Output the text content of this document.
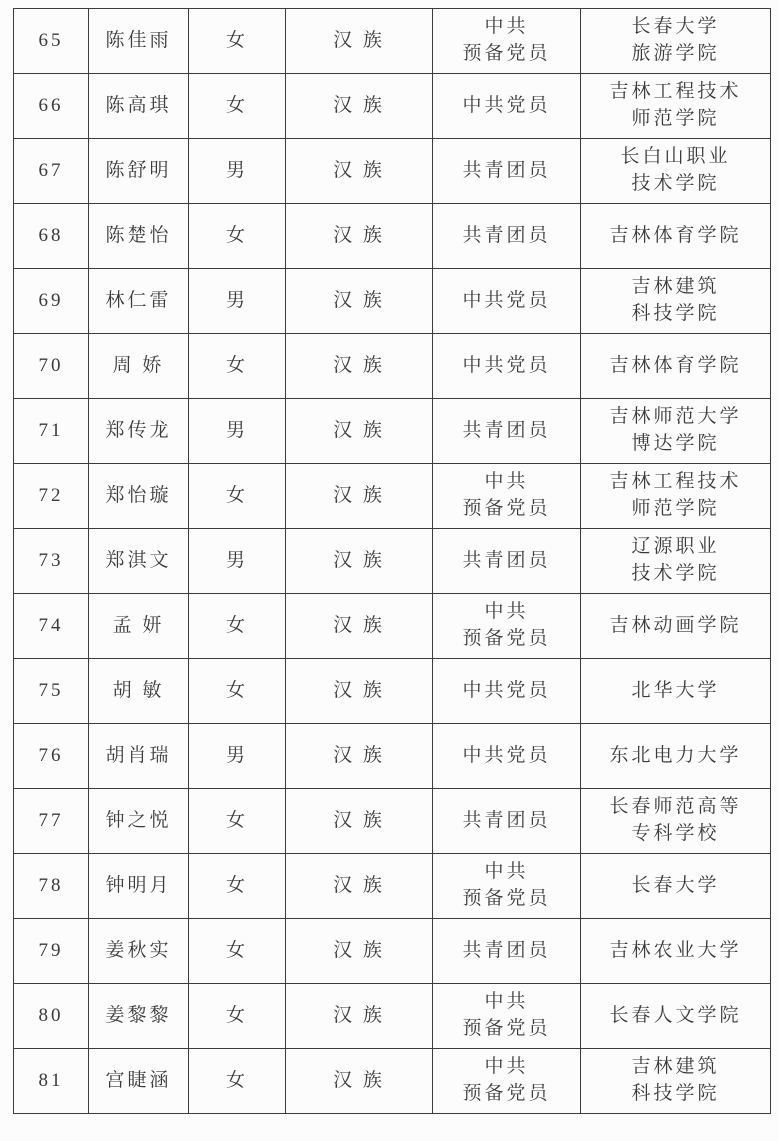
65	陈佳雨	女	汉 族	中共
预备党员	长春大学
旅游学院

66	陈高琪	女	汉 族	中共党员	吉林工程技术
师范学院

67	陈舒明	男	汉 族	共青团员	长白山职业
技术学院

68	陈楚怡	女	汉 族	共青团员	吉林体育学院

69	林仁雷	男	汉 族	中共党员	吉林建筑
科技学院

70	周 娇	女	汉 族	中共党员	吉林体育学院

71	郑传龙	男	汉 族	共青团员	吉林师范大学
博达学院

72	郑怡璇	女	汉 族	中共
预备党员	吉林工程技术
师范学院

73	郑淇文	男	汉 族	共青团员	辽源职业
技术学院

74	孟 妍	女	汉 族	中共
预备党员	吉林动画学院

75	胡 敏	女	汉 族	中共党员	北华大学

76	胡肖瑞	男	汉 族	中共党员	东北电力大学

77	钟之悦	女	汉 族	共青团员	长春师范高等
专科学校

78	钟明月	女	汉 族	中共
预备党员	长春大学

79	姜秋实	女	汉 族	共青团员	吉林农业大学

80	姜黎黎	女	汉 族	中共
预备党员	长春人文学院

81	宫睫涵	女	汉 族	中共
预备党员	吉林建筑
科技学院
